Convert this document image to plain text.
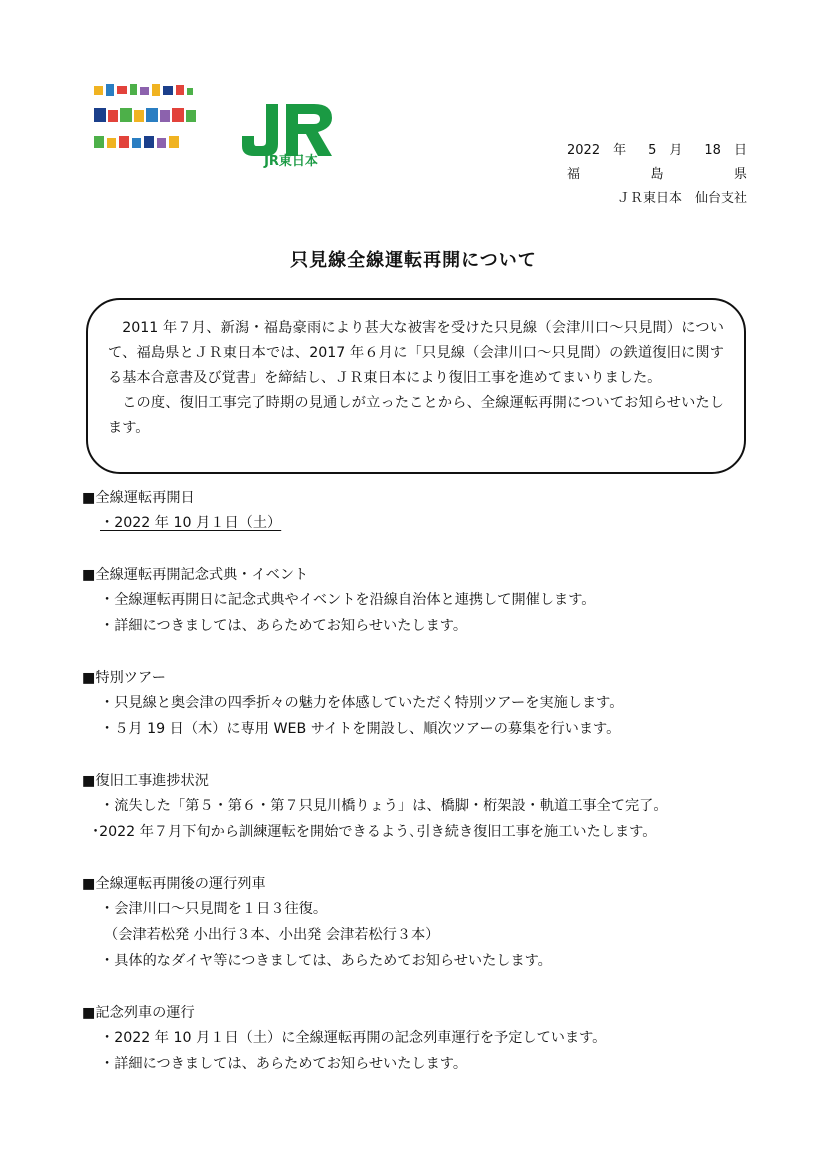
JR東日本
2022 年 5 月 18 日
福　　島　　県
ＪＲ東日本　仙台支社
只見線全線運転再開について

2011 年７月、新潟・福島豪雨により甚大な被害を受けた只見線（会津川口～只見間）について、福島県とＪＲ東日本では、2017 年６月に「只見線（会津川口～只見間）の鉄道復旧に関する基本合意書及び覚書」を締結し、ＪＲ東日本により復旧工事を進めてまいりました。

この度、復旧工事完了時期の見通しが立ったことから、全線運転再開についてお知らせいたします。

■全線運転再開日
・2022 年 10 月１日（土）
■全線運転再開記念式典・イベント
・全線運転再開日に記念式典やイベントを沿線自治体と連携して開催します。
・詳細につきましては、あらためてお知らせいたします。
■特別ツアー
・只見線と奥会津の四季折々の魅力を体感していただく特別ツアーを実施します。
・５月 19 日（木）に専用 WEB サイトを開設し、順次ツアーの募集を行います。
■復旧工事進捗状況
・流失した「第５・第６・第７只見川橋りょう」は、橋脚・桁架設・軌道工事全て完了。
･2022 年７月下旬から訓練運転を開始できるよう､引き続き復旧工事を施工いたします。
■全線運転再開後の運行列車
・会津川口～只見間を１日３往復。
（会津若松発 小出行３本、小出発 会津若松行３本）
・具体的なダイヤ等につきましては、あらためてお知らせいたします。
■記念列車の運行
・2022 年 10 月１日（土）に全線運転再開の記念列車運行を予定しています。
・詳細につきましては、あらためてお知らせいたします。
